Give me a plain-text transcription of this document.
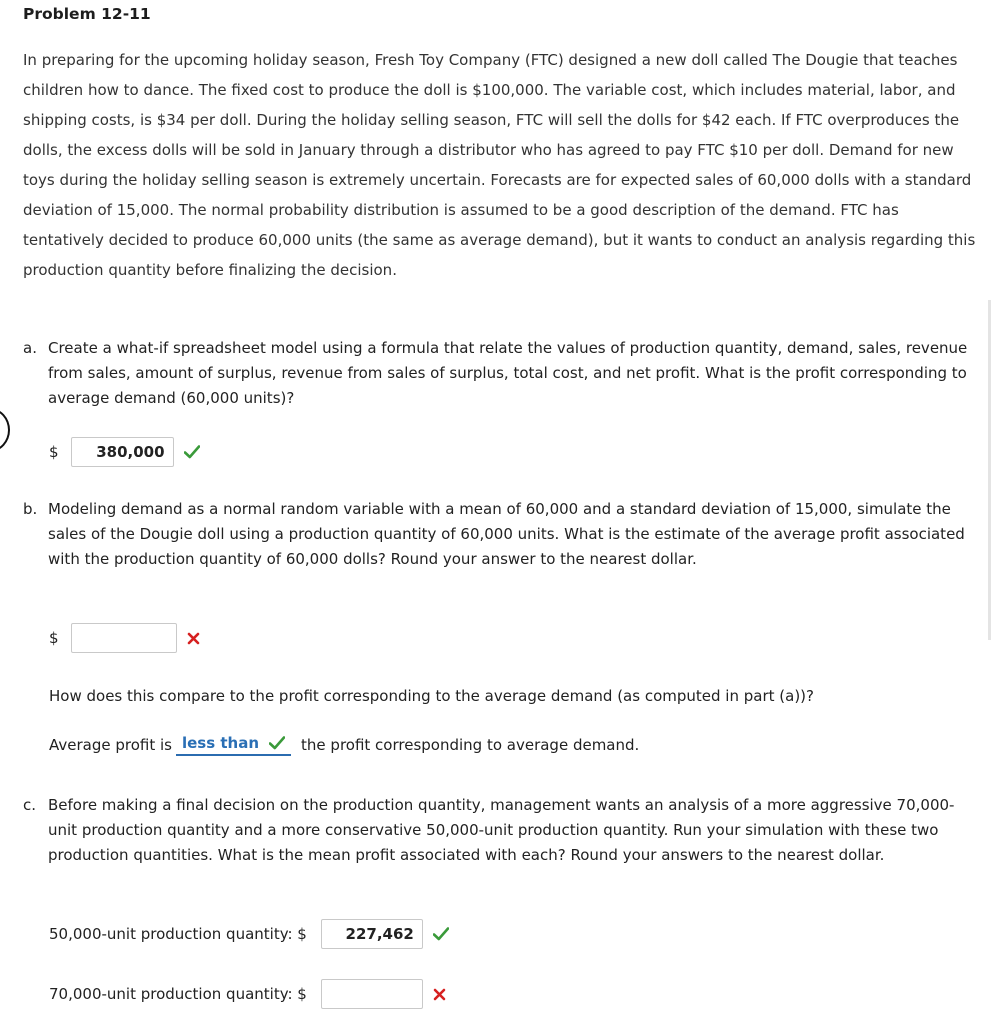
Problem 12-11
In preparing for the upcoming holiday season, Fresh Toy Company (FTC) designed a new doll called The Dougie that teaches children how to dance. The fixed cost to produce the doll is $100,000. The variable cost, which includes material, labor, and shipping costs, is $34 per doll. During the holiday selling season, FTC will sell the dolls for $42 each. If FTC overproduces the dolls, the excess dolls will be sold in January through a distributor who has agreed to pay FTC $10 per doll. Demand for new toys during the holiday selling season is extremely uncertain. Forecasts are for expected sales of 60,000 dolls with a standard deviation of 15,000. The normal probability distribution is assumed to be a good description of the demand. FTC has tentatively decided to produce 60,000 units (the same as average demand), but it wants to conduct an analysis regarding this production quantity before finalizing the decision.
a. Create a what-if spreadsheet model using a formula that relate the values of production quantity, demand, sales, revenue from sales, amount of surplus, revenue from sales of surplus, total cost, and net profit. What is the profit corresponding to average demand (60,000 units)?
$	380,000
b. Modeling demand as a normal random variable with a mean of 60,000 and a standard deviation of 15,000, simulate the sales of the Dougie doll using a production quantity of 60,000 units. What is the estimate of the average profit associated with the production quantity of 60,000 dolls? Round your answer to the nearest dollar.
$
How does this compare to the profit corresponding to the average demand (as computed in part (a))?
Average profit is less than	the profit corresponding to average demand.
c. Before making a final decision on the production quantity, management wants an analysis of a more aggressive 70,000-unit production quantity and a more conservative 50,000-unit production quantity. Run your simulation with these two production quantities. What is the mean profit associated with each? Round your answers to the nearest dollar.
50,000-unit production quantity: $	227,462
70,000-unit production quantity: $
